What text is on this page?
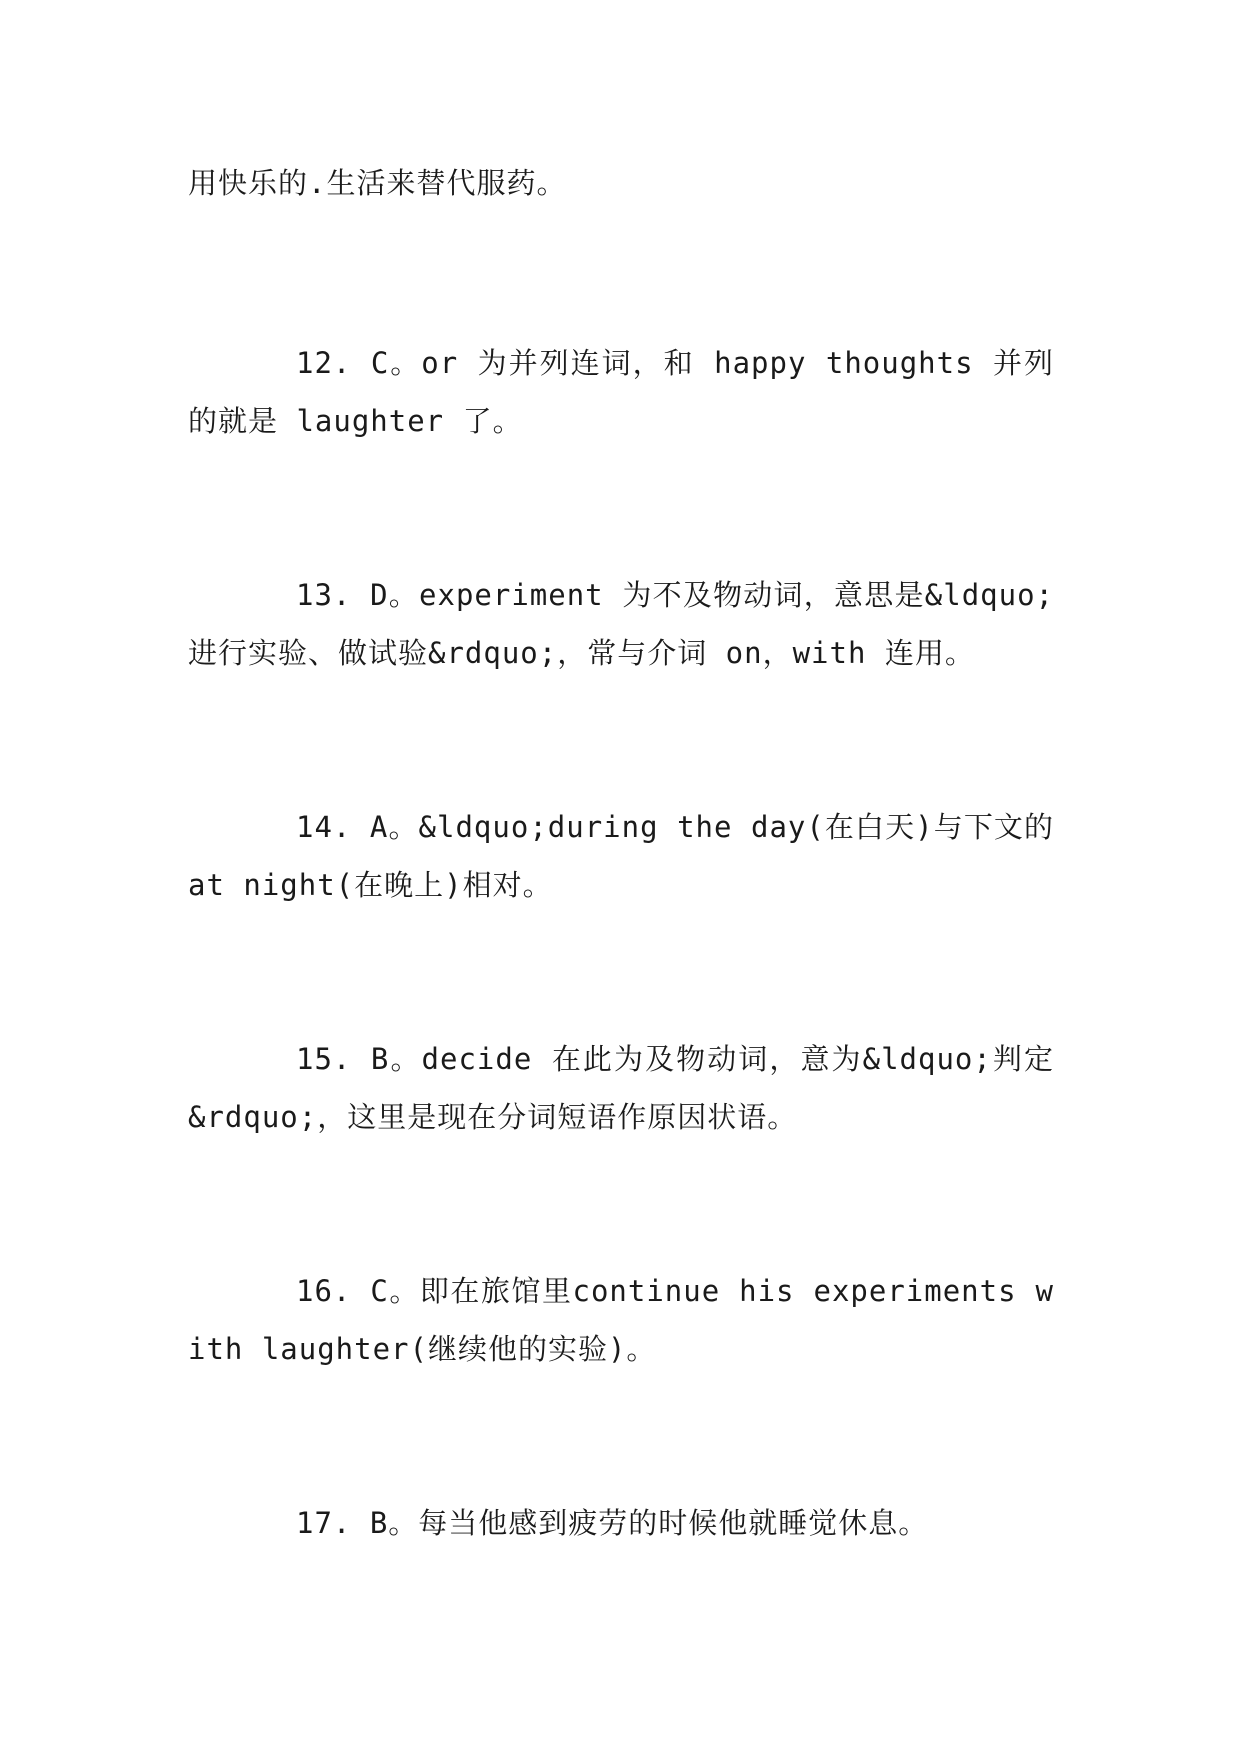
用快乐的.生活来替代服药。

12. C。or 为并列连词，和 happy thoughts 并列的就是 laughter 了。

13. D。experiment 为不及物动词，意思是&ldquo;进行实验、做试验&rdquo;，常与介词 on，with 连用。

14. A。&ldquo;during the day(在白天)与下文的at night(在晚上)相对。

15. B。decide 在此为及物动词，意为&ldquo;判定&rdquo;，这里是现在分词短语作原因状语。

16. C。即在旅馆里continue his experiments with laughter(继续他的实验)。

17. B。每当他感到疲劳的时候他就睡觉休息。
